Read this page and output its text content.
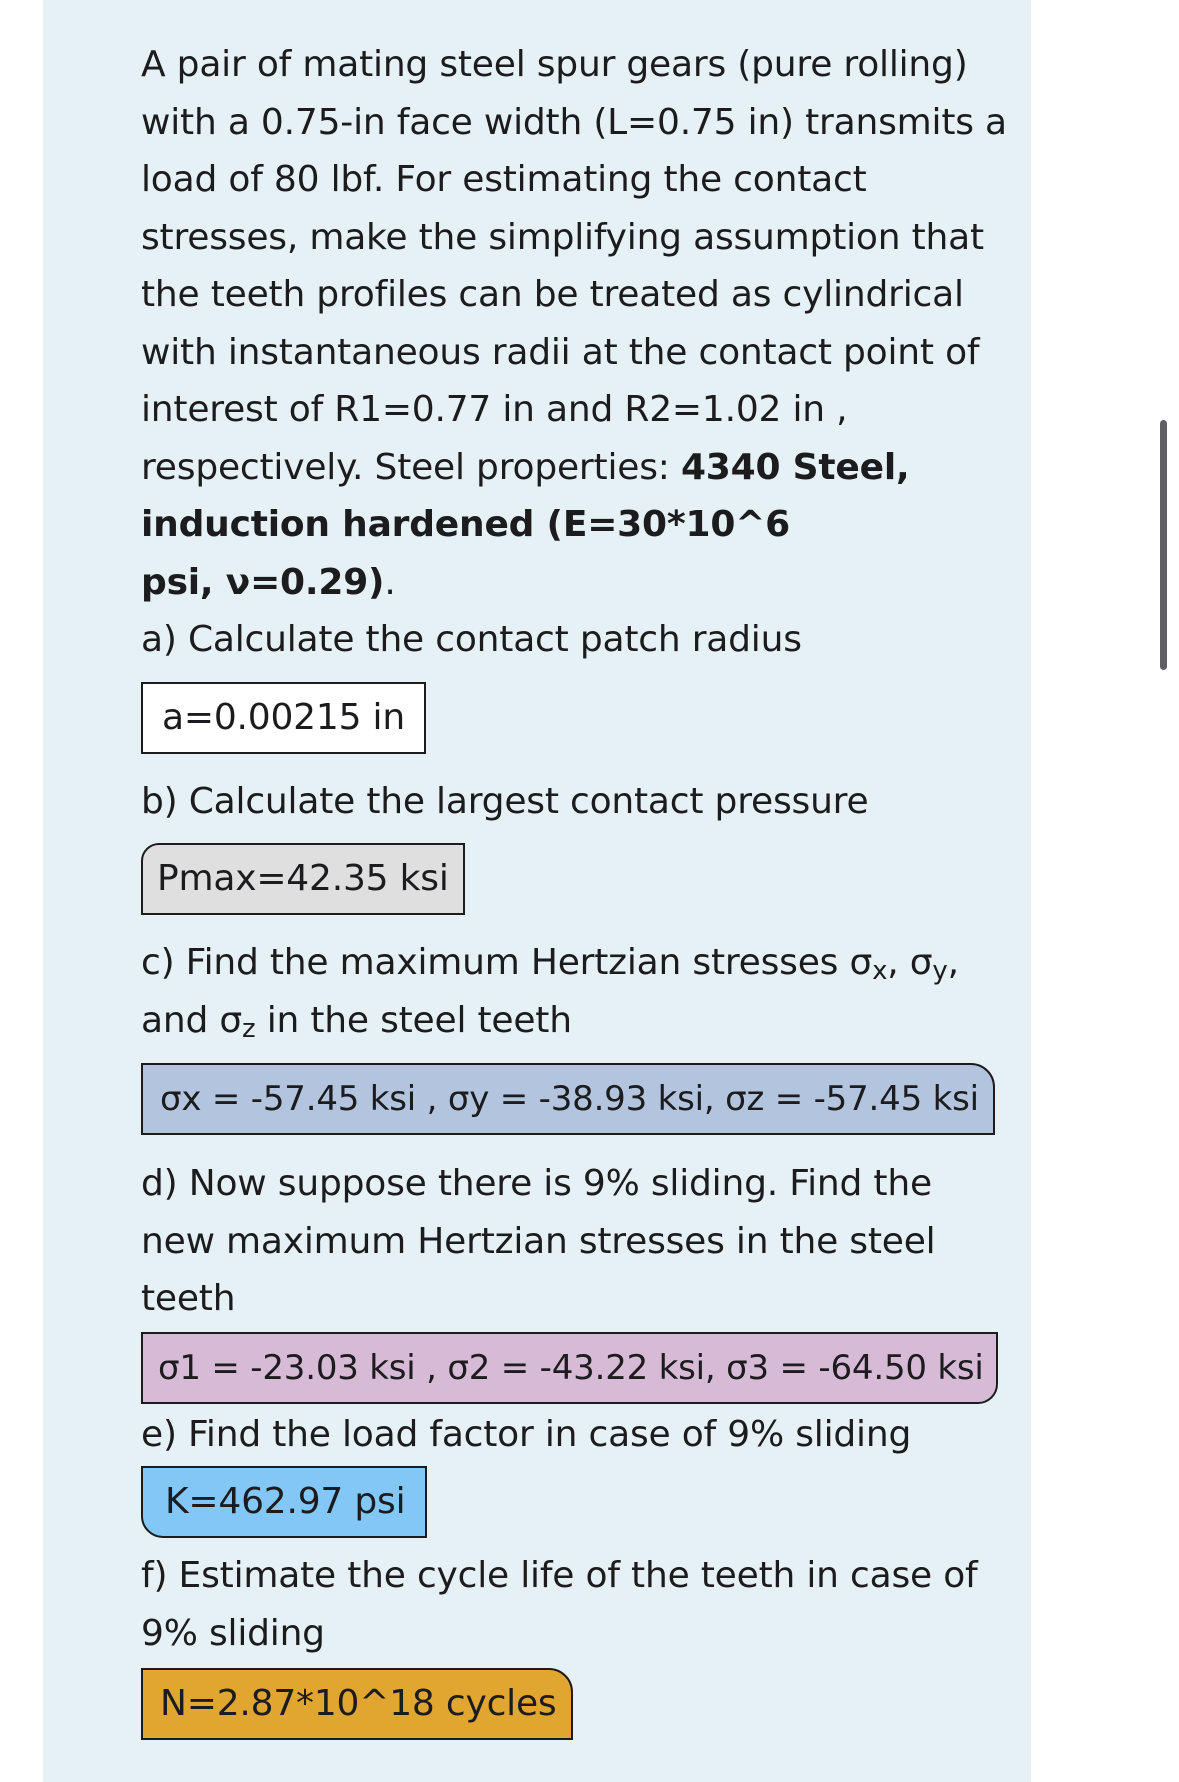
A pair of mating steel spur gears (pure rolling)

with a 0.75-in face width (L=0.75 in) transmits a

load of 80 lbf. For estimating the contact

stresses, make the simplifying assumption that

the teeth profiles can be treated as cylindrical

with instantaneous radii at the contact point of

interest of R1=0.77 in and R2=1.02 in ,

respectively. Steel properties: 4340 Steel,

induction hardened (E=30*10^6

psi, ν=0.29).

a) Calculate the contact patch radius

a=0.00215 in

b) Calculate the largest contact pressure

Pmax=42.35 ksi

c) Find the maximum Hertzian stresses $\sigma_x$, $\sigma_y$,

and $\sigma_z$ in the steel teeth

σx = -57.45 ksi , σy = -38.93 ksi, σz = -57.45 ksi

d) Now suppose there is 9% sliding. Find the

new maximum Hertzian stresses in the steel

teeth

σ1 = -23.03 ksi , σ2 = -43.22 ksi, σ3 = -64.50 ksi

e) Find the load factor in case of 9% sliding

K=462.97 psi

f) Estimate the cycle life of the teeth in case of

9% sliding

N=2.87*10^18 cycles
